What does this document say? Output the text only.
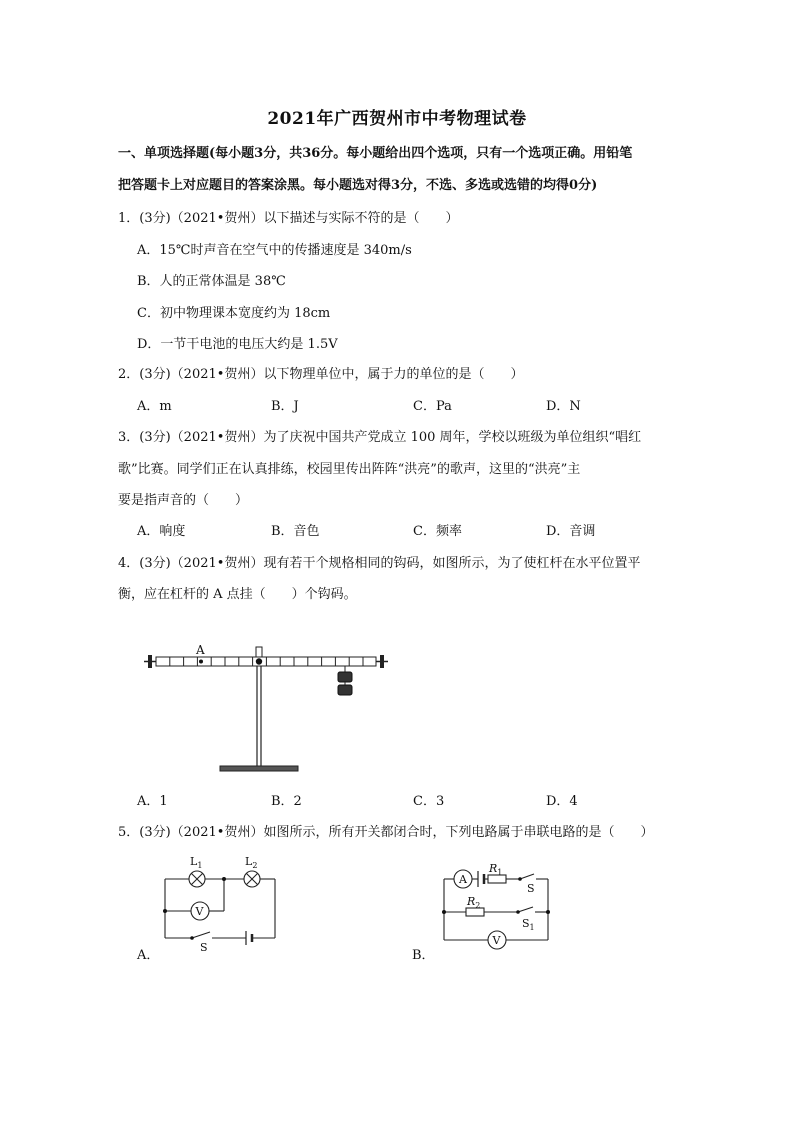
2021年广西贺州市中考物理试卷
一、单项选择题(每小题3分，共36分。每小题给出四个选项，只有一个选项正确。用铅笔
把答题卡上对应题目的答案涂黑。每小题选对得3分，不选、多选或选错的均得0分)
1．(3分)（2021•贺州）以下描述与实际不符的是（　　）
A．15℃时声音在空气中的传播速度是 340m/s
B．人的正常体温是 38℃
C．初中物理课本宽度约为 18cm
D．一节干电池的电压大约是 1.5V
2．(3分)（2021•贺州）以下物理单位中，属于力的单位的是（　　）
A．m	B．J	C．Pa	D．N
3．(3分)（2021•贺州）为了庆祝中国共产党成立 100 周年，学校以班级为单位组织“唱红
歌”比赛。同学们正在认真排练，校园里传出阵阵“洪亮”的歌声，这里的“洪亮”主
要是指声音的（　　）
A．响度	B．音色	C．频率	D．音调
4．(3分)（2021•贺州）现有若干个规格相同的钩码，如图所示，为了使杠杆在水平位置平
衡，应在杠杆的 A 点挂（　　）个钩码。
A
A．1	B．2	C．3	D．4
5．(3分)（2021•贺州）如图所示，所有开关都闭合时，下列电路属于串联电路的是（　　）
$L_1$	$L_2$
V
S
A．
A
$R_1$
S
$R_2$
$S_1$
V
B．
